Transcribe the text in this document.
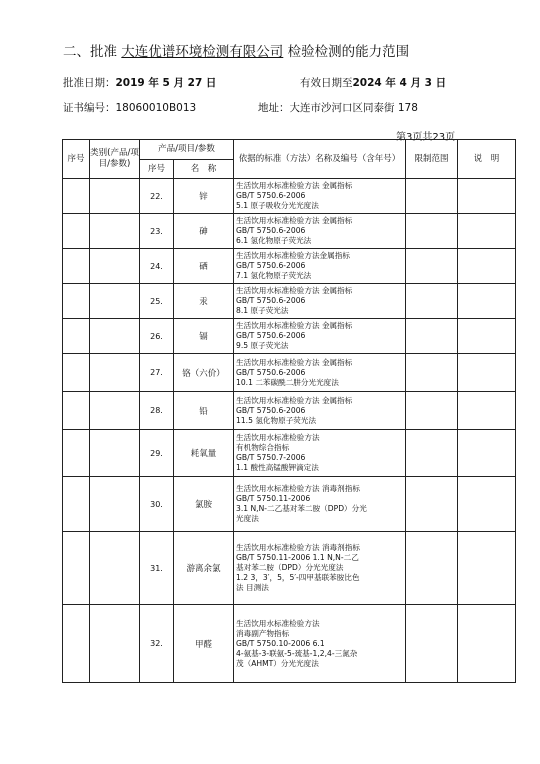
二、批准 大连优谱环境检测有限公司 检验检测的能力范围
批准日期：2019 年 5 月 27 日	有效日期至2024 年 4 月 3 日
证书编号：18060010B013	地址：大连市沙河口区同泰街 178
第3页共23页
序号	类别(产品/项目/参数)	产品/项目/参数		依据的标准（方法）名称及编号（含年号）	限制范围	说　明
		序号	名　称			
		22.	锌	生活饮用水标准检验方法 金属指标
GB/T 5750.6-2006
5.1 原子吸收分光光度法		

		23.	砷	生活饮用水标准检验方法 金属指标
GB/T 5750.6-2006
6.1 氢化物原子荧光法		

		24.	硒	生活饮用水标准检验方法金属指标
GB/T 5750.6-2006
7.1 氢化物原子荧光法		

		25.	汞	生活饮用水标准检验方法 金属指标
GB/T 5750.6-2006
8.1 原子荧光法		

		26.	镉	生活饮用水标准检验方法 金属指标
GB/T 5750.6-2006
9.5 原子荧光法		

		27.	铬（六价）	生活饮用水标准检验方法 金属指标
GB/T 5750.6-2006
10.1 二苯碳酰二肼分光光度法		

		28.	铅	生活饮用水标准检验方法 金属指标
GB/T 5750.6-2006
11.5 氢化物原子荧光法		

		29.	耗氧量	生活饮用水标准检验方法
有机物综合指标
GB/T 5750.7-2006
1.1 酸性高锰酸钾滴定法		

		30.	氯胺	生活饮用水标准检验方法 消毒剂指标
GB/T 5750.11-2006
3.1 N,N-二乙基对苯二胺（DPD）分光
光度法		

		31.	游离余氯	生活饮用水标准检验方法 消毒剂指标
GB/T 5750.11-2006 1.1 N,N-二乙
基对苯二胺（DPD）分光光度法
1.2 3，3′，5，5′-四甲基联苯胺比色
法 目测法		

		32.	甲醛	生活饮用水标准检验方法
消毒副产物指标
GB/T 5750.10-2006 6.1
4-氨基-3-联氨-5-巯基-1,2,4-三氮杂
茂（AHMT）分光光度法		
